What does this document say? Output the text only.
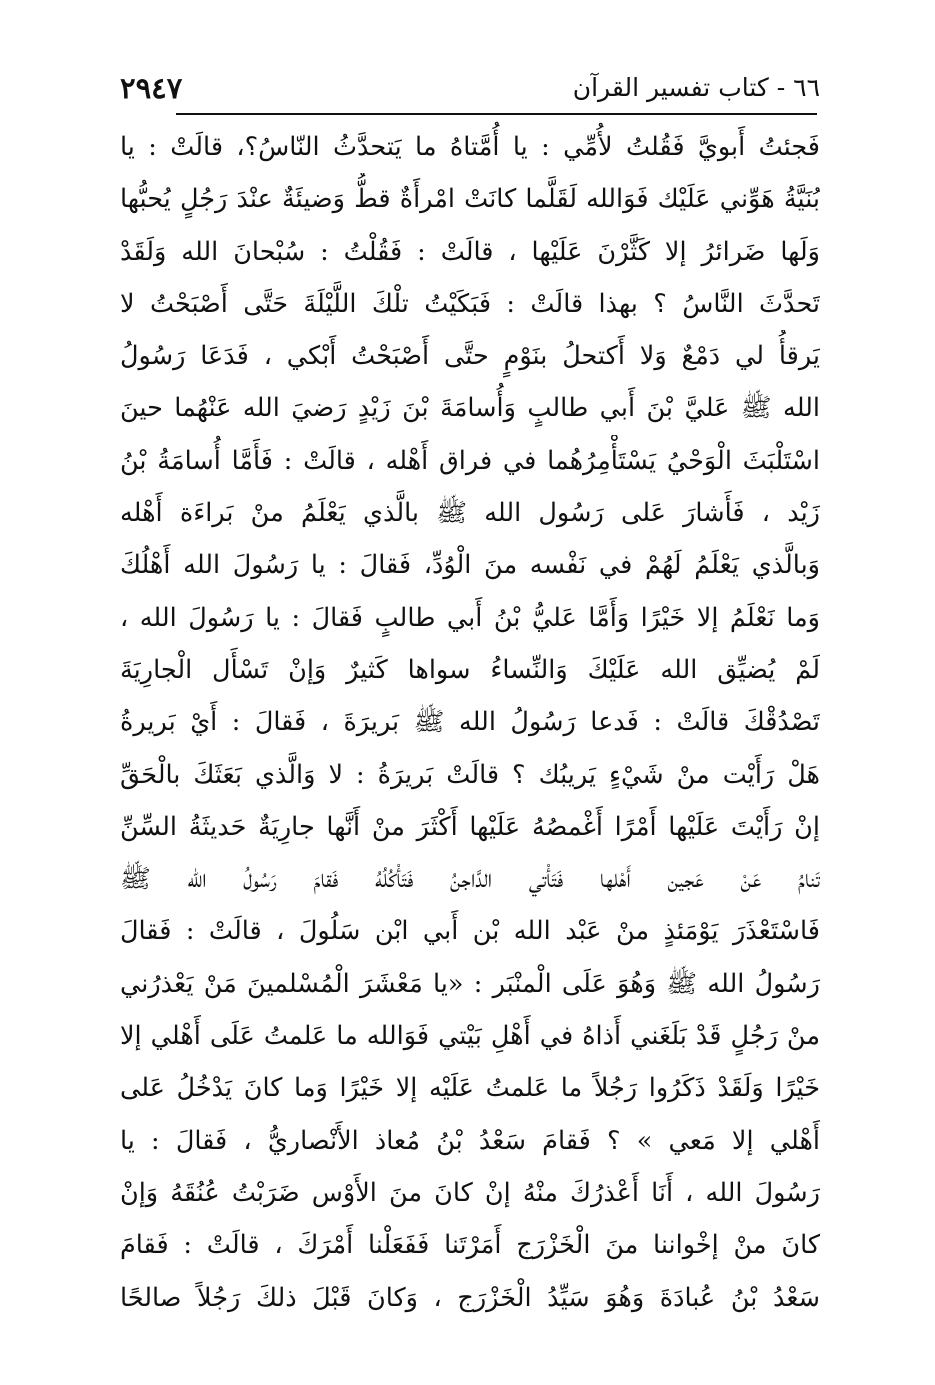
٢٩٤٧	٦٦ - كتاب تفسير القرآن
فَجئتُ أَبويَّ فَقُلتُ لأُمِّي : يا أُمَّتاهُ ما يَتحدَّثُ النّاسُ؟، قالَتْ : يا
بُنَيَّةُ هَوِّني عَلَيْك فَوَالله لَقَلَّما كانَتْ امْرأَةٌ قطُّ وَضيئَةٌ عنْدَ رَجُلٍ يُحبُّها
وَلَها ضَرائرُ إلا كَثَّرْنَ عَلَيْها ، قالَتْ : فَقُلْتُ : سُبْحانَ الله وَلَقَدْ
تَحدَّثَ النَّاسُ ؟ بهذا قالَتْ : فَبَكَيْتُ تلْكَ اللَّيْلَةَ حَتَّى أَصْبَحْتُ لا
يَرقأُ لي دَمْعٌ وَلا أَكتحلُ بنَوْمٍ حتَّى أَصْبَحْتُ أَبْكي ، فَدَعَا رَسُولُ
الله ﷺ عَليَّ بْنَ أَبي طالبٍ وَأُسامَةَ بْنَ زَيْدٍ رَضيَ الله عَنْهُما حينَ
اسْتَلْبَثَ الْوَحْيُ يَسْتَأْمِرُهُما في فراق أَهْله ، قالَتْ : فَأَمَّا أُسامَةُ بْنُ
زَيْد ، فَأَشارَ عَلى رَسُول الله ﷺ بالَّذي يَعْلَمُ منْ بَراءَة أَهْله
وَبالَّذي يَعْلَمُ لَهُمْ في نَفْسه منَ الْوُدِّ، فَقالَ : يا رَسُولَ الله أَهْلُكَ
وَما نَعْلَمُ إلا خَيْرًا وَأَمَّا عَليُّ بْنُ أَبي طالبٍ فَقالَ : يا رَسُولَ الله ،
لَمْ يُضيِّق الله عَلَيْكَ وَالنِّساءُ سواها كَثيرٌ وَإنْ تَسْأَل الْجارِيَةَ
تَصْدُقْكَ قالَتْ : فَدعا رَسُولُ الله ﷺ بَريرَةَ ، فَقالَ : أَيْ بَريرةُ
هَلْ رَأَيْت منْ شَيْءٍ يَريبُك ؟ قالَتْ بَريرَةُ : لا وَالَّذي بَعَثَكَ بالْحَقِّ
إنْ رَأَيْتَ عَلَيْها أَمْرًا أَغْمصُهُ عَلَيْها أَكْثَرَ منْ أَنَّها جارِيَةٌ حَديثَةُ السِّنِّ
تَنامُ عَنْ عَجين أَهْلها فَتَأْتي الدَّاجنُ فَتَأْكُلُهُ فَقامَ رَسُولُ الله ﷺ
فَاسْتَعْذَرَ يَوْمَئذٍ منْ عَبْد الله بْن أَبي ابْن سَلُولَ ، قالَتْ : فَقالَ
رَسُولُ الله ﷺ وَهُوَ عَلَى الْمنْبَر : «يا مَعْشَرَ الْمُسْلمينَ مَنْ يَعْذرُني
منْ رَجُلٍ قَدْ بَلَغَني أَذاهُ في أَهْلِ بَيْتي فَوَالله ما عَلمتُ عَلَى أَهْلي إلا
خَيْرًا وَلَقَدْ ذَكَرُوا رَجُلاً ما عَلمتُ عَلَيْه إلا خَيْرًا وَما كانَ يَدْخُلُ عَلى
أَهْلي إلا مَعي » ؟ فَقامَ سَعْدُ بْنُ مُعاذ الأَنْصاريُّ ، فَقالَ : يا
رَسُولَ الله ، أَنَا أَعْذرُكَ منْهُ إنْ كانَ منَ الأَوْس ضَرَبْتُ عُنُقَهُ وَإنْ
كانَ منْ إخْواننا منَ الْخَزْرَج أَمَرْتَنا فَفَعَلْنا أَمْرَكَ ، قالَتْ : فَقامَ
سَعْدُ بْنُ عُبادَةَ وَهُوَ سَيِّدُ الْخَزْرَج ، وَكانَ قَبْلَ ذلكَ رَجُلاً صالحًا
